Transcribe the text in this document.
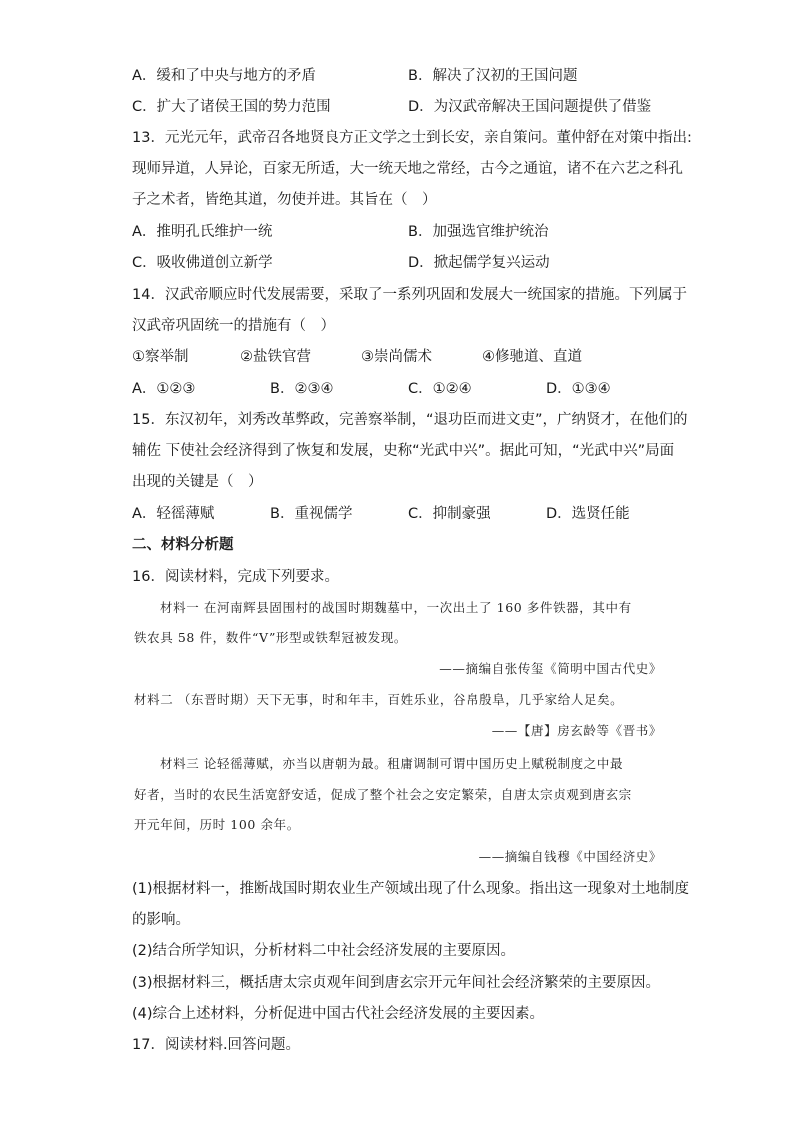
A．缓和了中央与地方的矛盾	B．解决了汉初的王国问题
C．扩大了诸侯王国的势力范围	D．为汉武帝解决王国问题提供了借鉴
13．元光元年，武帝召各地贤良方正文学之士到长安，亲自策问。董仲舒在对策中指出:
现师异道，人异论，百家无所适，大一统天地之常经，古今之通谊，诸不在六艺之科孔
子之术者，皆绝其道，勿使并进。其旨在（　）
A．推明孔氏维护一统	B．加强选官维护统治
C．吸收佛道创立新学	D．掀起儒学复兴运动
14．汉武帝顺应时代发展需要，采取了一系列巩固和发展大一统国家的措施。下列属于
汉武帝巩固统一的措施有（　）
①察举制	②盐铁官营	③崇尚儒术	④修驰道、直道
A．①②③	B．②③④	C．①②④	D．①③④
15．东汉初年，刘秀改革弊政，完善察举制，“退功臣而进文吏”，广纳贤才，在他们的
辅佐 下使社会经济得到了恢复和发展，史称“光武中兴”。据此可知，“光武中兴”局面
出现的关键是（　）
A．轻徭薄赋	B．重视儒学	C．抑制豪强	D．选贤任能
二、材料分析题
16．阅读材料，完成下列要求。
材料一 在河南辉县固围村的战国时期魏墓中，一次出土了 160 多件铁器，其中有
铁农具 58 件，数件“V”形型或铁犁冠被发现。
——摘编自张传玺《简明中国古代史》
材料二 （东晋时期）天下无事，时和年丰，百姓乐业，谷帛殷阜，几乎家给人足矣。
——【唐】房玄龄等《晋书》
材料三 论轻徭薄赋，亦当以唐朝为最。租庸调制可谓中国历史上赋税制度之中最
好者，当时的农民生活宽舒安适，促成了整个社会之安定繁荣，自唐太宗贞观到唐玄宗
开元年间，历时 100 余年。
——摘编自钱穆《中国经济史》
(1)根据材料一，推断战国时期农业生产领域出现了什么现象。指出这一现象对土地制度
的影响。
(2)结合所学知识，分析材料二中社会经济发展的主要原因。
(3)根据材料三，概括唐太宗贞观年间到唐玄宗开元年间社会经济繁荣的主要原因。
(4)综合上述材料，分析促进中国古代社会经济发展的主要因素。
17．阅读材料.回答问题。
